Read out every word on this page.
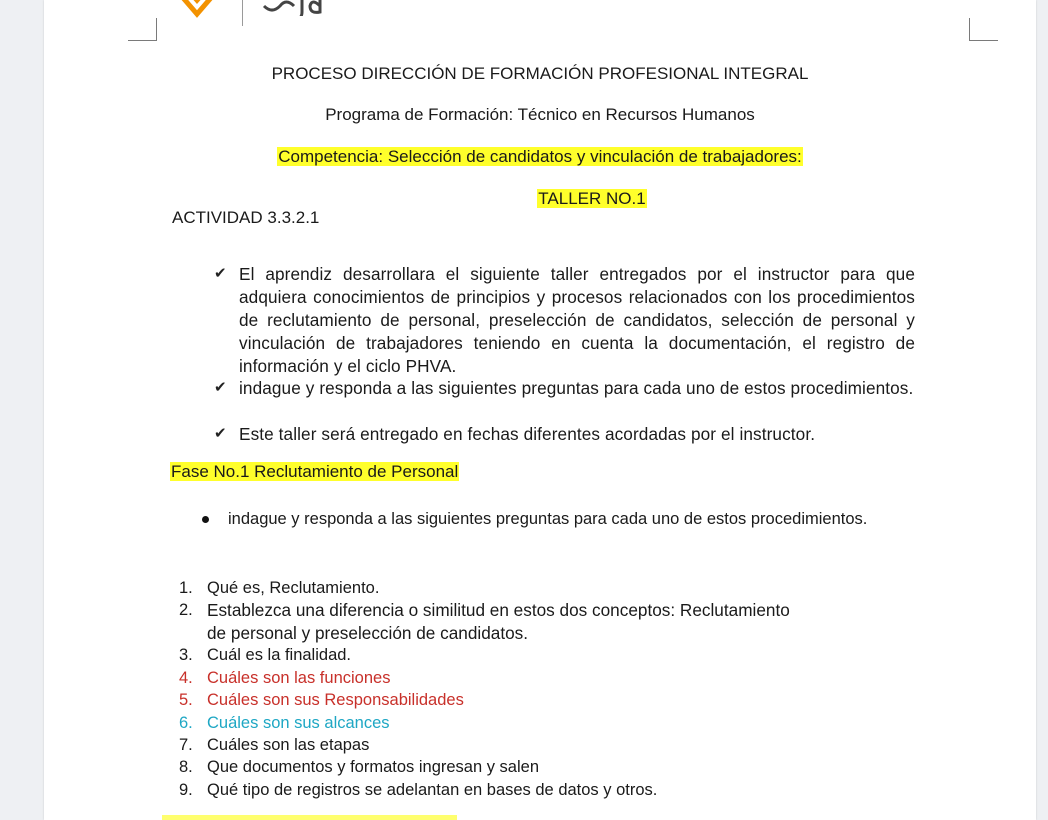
PROCESO DIRECCIÓN DE FORMACIÓN PROFESIONAL INTEGRAL
Programa de Formación: Técnico en Recursos Humanos
Competencia: Selección de candidatos y vinculación de trabajadores:
TALLER NO.1
ACTIVIDAD 3.3.2.1
✔ El aprendiz desarrollara el siguiente taller entregados por el instructor para que adquiera conocimientos de principios y procesos relacionados con los procedimientos de reclutamiento de personal, preselección de candidatos, selección de personal y vinculación de trabajadores teniendo en cuenta la documentación, el registro de información y el ciclo PHVA.
✔ indague y responda a las siguientes preguntas para cada uno de estos procedimientos.
✔ Este taller será entregado en fechas diferentes acordadas por el instructor.
Fase No.1 Reclutamiento de Personal
indague y responda a las siguientes preguntas para cada uno de estos procedimientos.
1. Qué es, Reclutamiento.
2. Establezca una diferencia o similitud en estos dos conceptos: Reclutamiento
de personal y preselección de candidatos.
3. Cuál es la finalidad.
4. Cuáles son las funciones
5. Cuáles son sus Responsabilidades
6. Cuáles son sus alcances
7. Cuáles son las etapas
8. Que documentos y formatos ingresan y salen
9. Qué tipo de registros se adelantan en bases de datos y otros.
